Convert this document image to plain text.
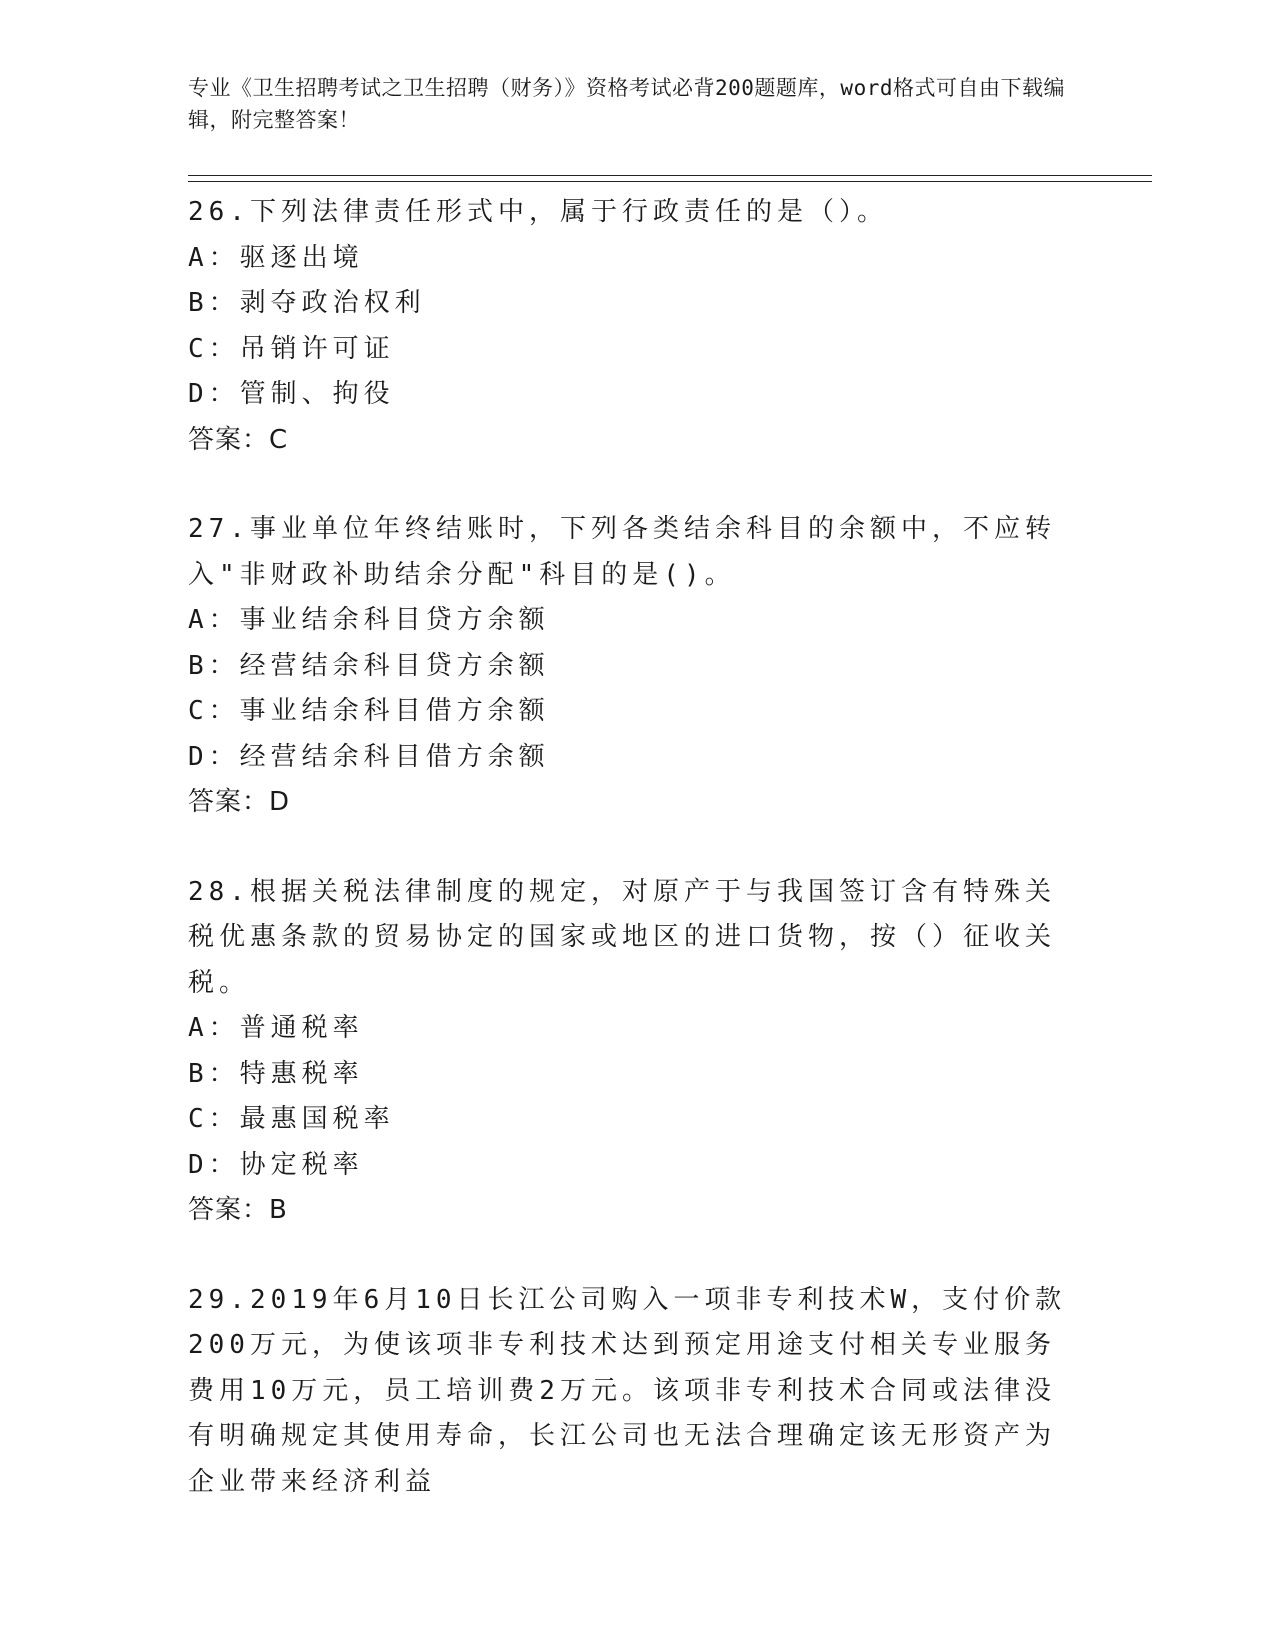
专业《卫生招聘考试之卫生招聘（财务）》资格考试必背200题题库，word格式可自由下载编辑，附完整答案！
26.下列法律责任形式中，属于行政责任的是（）。
A：驱逐出境
B：剥夺政治权利
C：吊销许可证
D：管制、拘役
答案：C
27.事业单位年终结账时，下列各类结余科目的余额中，不应转入"非财政补助结余分配"科目的是()。
A：事业结余科目贷方余额
B：经营结余科目贷方余额
C：事业结余科目借方余额
D：经营结余科目借方余额
答案：D
28.根据关税法律制度的规定，对原产于与我国签订含有特殊关税优惠条款的贸易协定的国家或地区的进口货物，按（）征收关税。
A：普通税率
B：特惠税率
C：最惠国税率
D：协定税率
答案：B
29.2019年6月10日长江公司购入一项非专利技术W，支付价款200万元，为使该项非专利技术达到预定用途支付相关专业服务费用10万元，员工培训费2万元。该项非专利技术合同或法律没有明确规定其使用寿命，长江公司也无法合理确定该无形资产为企业带来经济利益
